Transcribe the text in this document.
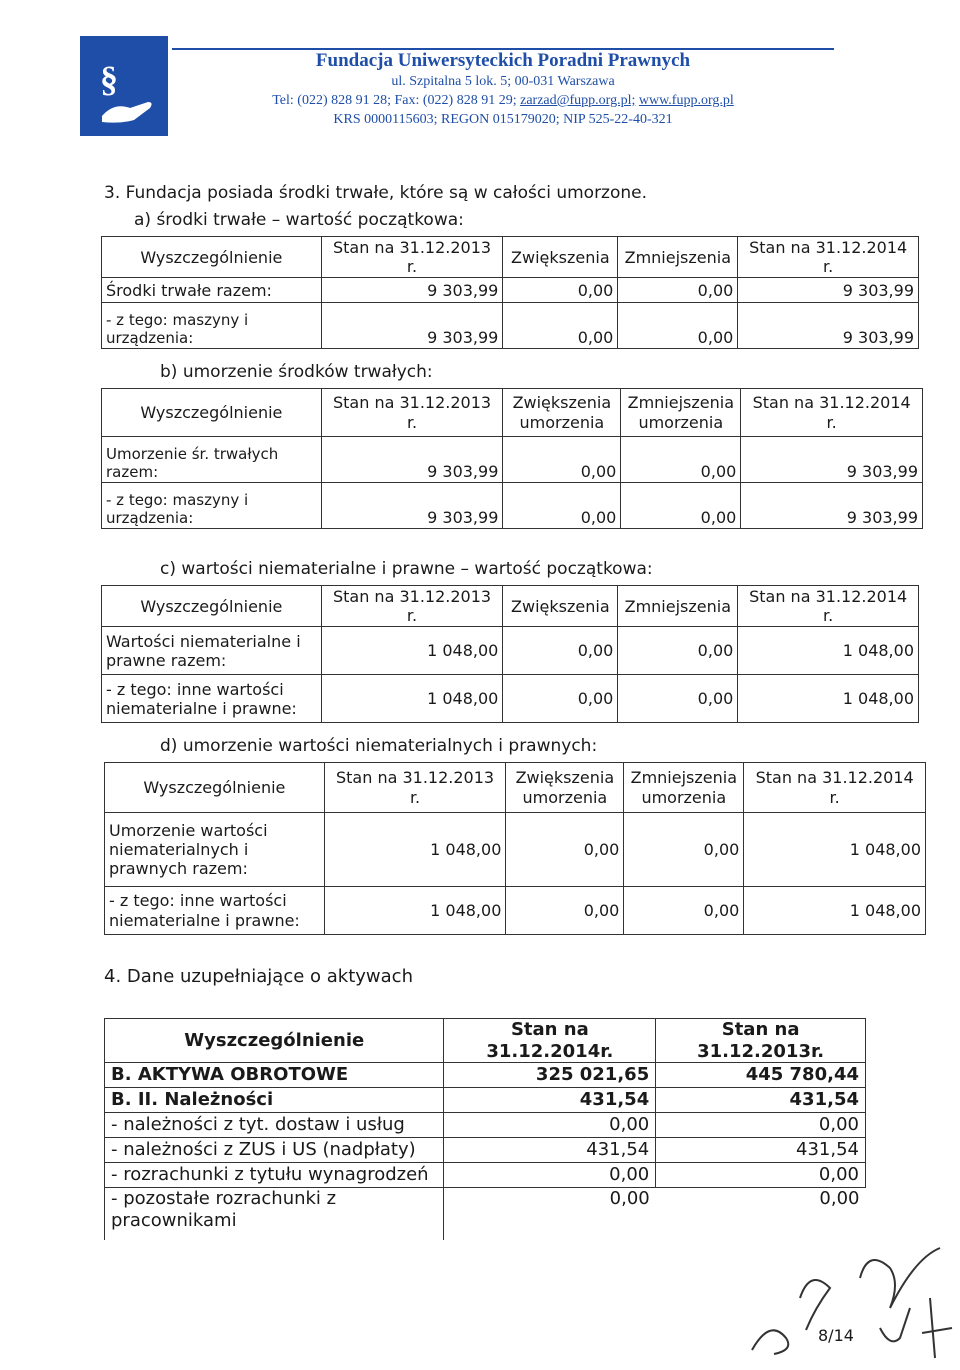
§	Fundacja Uniwersyteckich Poradni Prawnych
ul. Szpitalna 5 lok. 5; 00-031 Warszawa
Tel: (022) 828 91 28; Fax: (022) 828 91 29; zarzad@fupp.org.pl; www.fupp.org.pl
KRS 0000115603; REGON 015179020; NIP 525-22-40-321
3. Fundacja posiada środki trwałe, które są w całości umorzone.
a) środki trwałe – wartość początkowa:
Wyszczególnienie	Stan na 31.12.2013 r.	Zwiększenia	Zmniejszenia	Stan na 31.12.2014 r.
Środki trwałe razem:	9 303,99	0,00	0,00	9 303,99
- z tego: maszyny i urządzenia:	9 303,99	0,00	0,00	9 303,99
b) umorzenie środków trwałych:
Wyszczególnienie	Stan na 31.12.2013 r.	Zwiększenia umorzenia	Zmniejszenia umorzenia	Stan na 31.12.2014 r.
Umorzenie śr. trwałych razem:	9 303,99	0,00	0,00	9 303,99
- z tego: maszyny i urządzenia:	9 303,99	0,00	0,00	9 303,99
c) wartości niematerialne i prawne – wartość początkowa:
Wyszczególnienie	Stan na 31.12.2013 r.	Zwiększenia	Zmniejszenia	Stan na 31.12.2014 r.
Wartości niematerialne i prawne razem:	1 048,00	0,00	0,00	1 048,00
- z tego: inne wartości niematerialne i prawne:	1 048,00	0,00	0,00	1 048,00
d) umorzenie wartości niematerialnych i prawnych:
Wyszczególnienie	Stan na 31.12.2013 r.	Zwiększenia umorzenia	Zmniejszenia umorzenia	Stan na 31.12.2014 r.
Umorzenie wartości niematerialnych i prawnych razem:	1 048,00	0,00	0,00	1 048,00
- z tego: inne wartości niematerialne i prawne:	1 048,00	0,00	0,00	1 048,00
4. Dane uzupełniające o aktywach
Wyszczególnienie	Stan na 31.12.2014r.	Stan na 31.12.2013r.
B. AKTYWA OBROTOWE	325 021,65	445 780,44
B. II. Należności	431,54	431,54
- należności z tyt. dostaw i usług	0,00	0,00
- należności z ZUS i US (nadpłaty)	431,54	431,54
- rozrachunki z tytułu wynagrodzeń	0,00	0,00
- pozostałe rozrachunki z pracownikami	0,00	0,00
8/14
